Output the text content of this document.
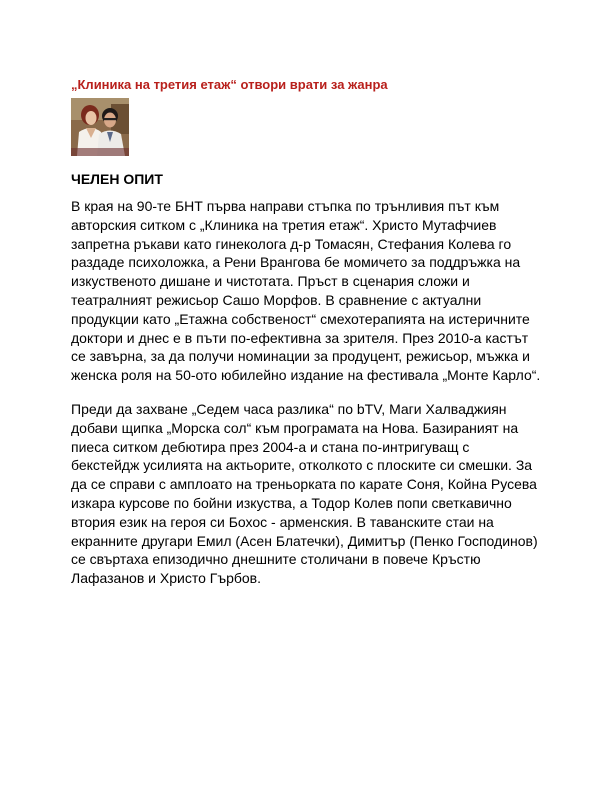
„Клиника на третия етаж“ отвори врати за жанра
ЧЕЛЕН ОПИТ

В края на 90-те БНТ първа направи стъпка по трънливия път към авторския ситком с „Клиника на третия етаж“. Христо Мутафчиев запретна ръкави като гинеколога д-р Томасян, Стефания Колева го раздаде психоложка, а Рени Врангова бе момичето за поддръжка на изкуственото дишане и чистотата. Пръст в сценария сложи и театралният режисьор Сашо Морфов. В сравнение с актуални продукции като „Етажна собственост“ смехотерапията на истеричните доктори и днес е в пъти по-ефективна за зрителя. През 2010-а кастът се завърна, за да получи номинации за продуцент, режисьор, мъжка и женска роля на 50-ото юбилейно издание на фестивала „Монте Карло“.

Преди да захване „Седем часа разлика“ по bTV, Маги Халваджиян добави щипка „Морска сол“ към програмата на Нова. Базираният на пиеса ситком дебютира през 2004-а и стана по-интригуващ с бекстейдж усилията на актьорите, отколкото с плоските си смешки. За да се справи с амплоато на треньорката по карате Соня, Койна Русева изкара курсове по бойни изкуства, а Тодор Колев попи светкавично втория език на героя си Бохос - арменския. В таванските стаи на екранните другари Емил (Асен Блатечки), Димитър (Пенко Господинов) се свъртаха епизодично днешните столичани в повече Кръстю Лафазанов и Христо Гърбов.
